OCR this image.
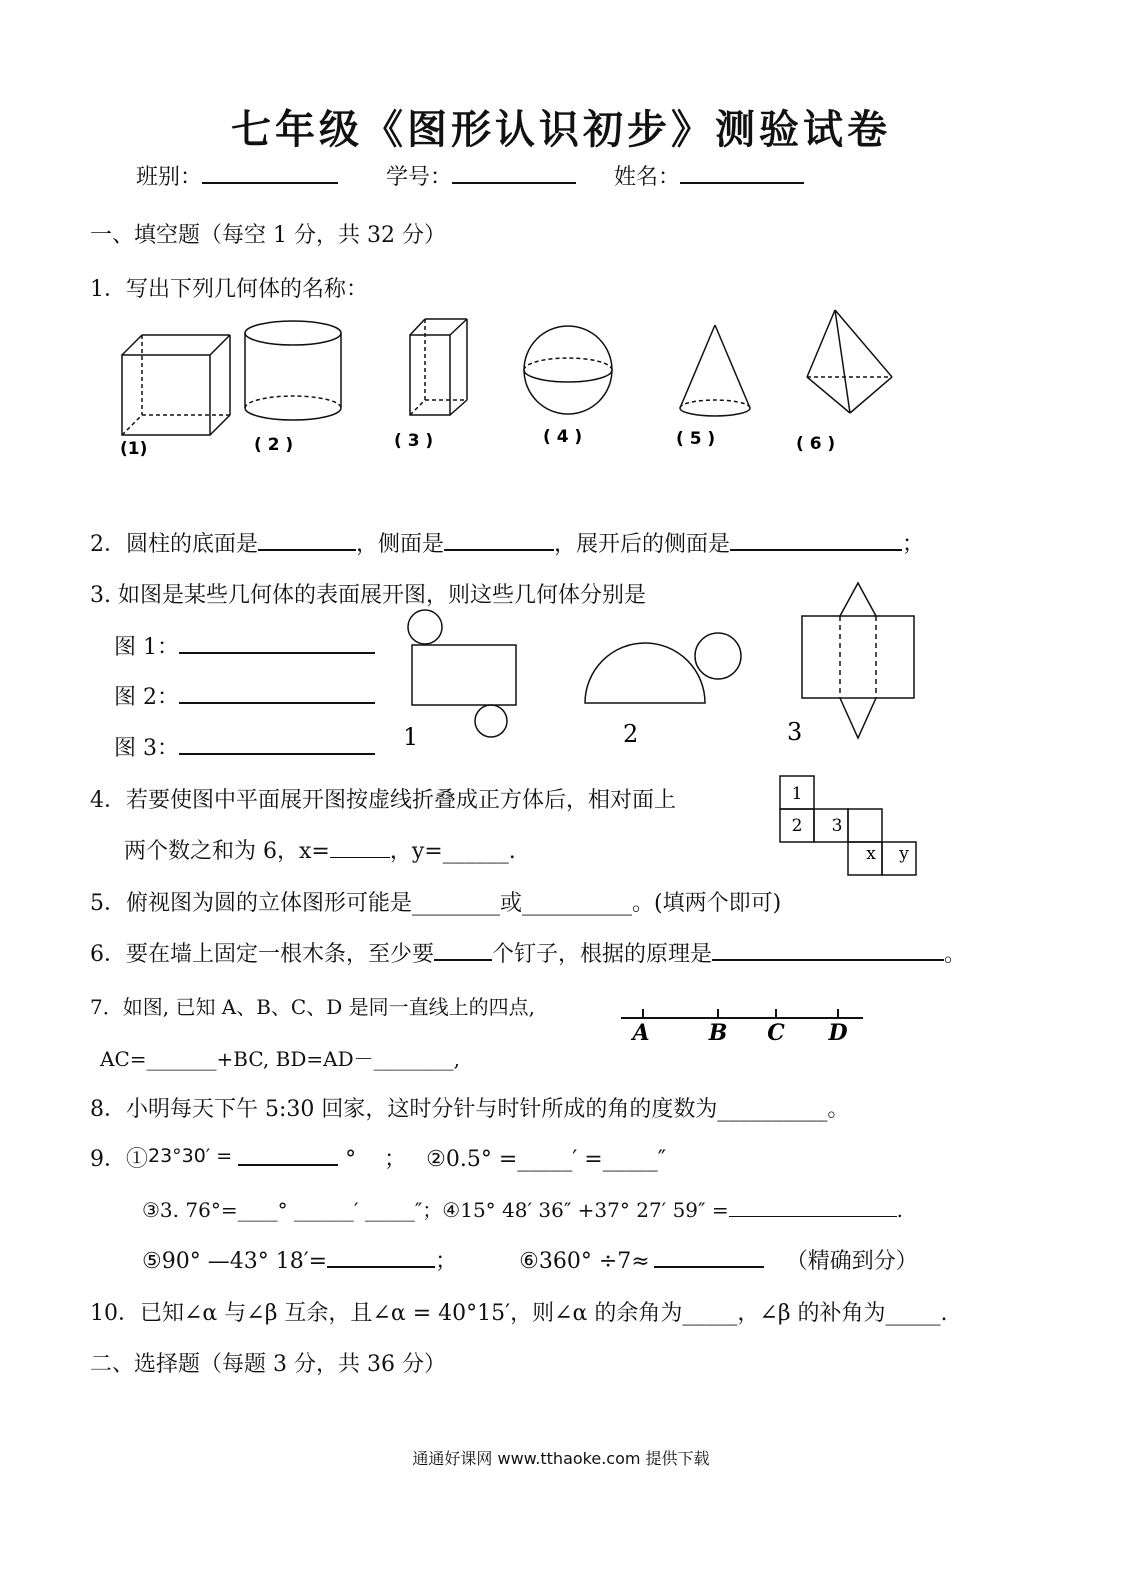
七年级《图形认识初步》测验试卷
班别：	学号：	姓名：
一、填空题（每空 1 分，共 32 分）
1．写出下列几何体的名称：
(1)	( 2 )	( 3 )	( 4 )	( 5 )	( 6 )
2．圆柱的底面是	，侧面是	，展开后的侧面是	；
3. 如图是某些几何体的表面展开图，则这些几何体分别是
图 1：
图 2：
图 3：	1	2	3
4．若要使图中平面展开图按虚线折叠成正方体后，相对面上
两个数之和为 6，x=	，y=______.
1
2 3
x y
5．俯视图为圆的立体图形可能是________或__________。(填两个即可)
6．要在墙上固定一根木条，至少要	个钉子，根据的原理是	。
7．如图, 已知 A、B、C、D 是同一直线上的四点,
AC=_______+BC, BD=AD－________,
A	B C D
8．小明每天下午 5:30 回家，这时分针与时针所成的角的度数为__________。
9．①23°30′ =	° ； ②0.5° =_____′ =_____″
③3. 76°=____° ______′ _____″；④15° 48′ 36″ +37° 27′ 59″ =	.
⑤90° —43° 18′=	；	⑥360° ÷7≈	（精确到分）
10．已知∠α 与∠β 互余，且∠α = 40°15′，则∠α 的余角为_____，∠β 的补角为_____.
二、选择题（每题 3 分，共 36 分）
通通好课网 www.tthaoke.com 提供下载
